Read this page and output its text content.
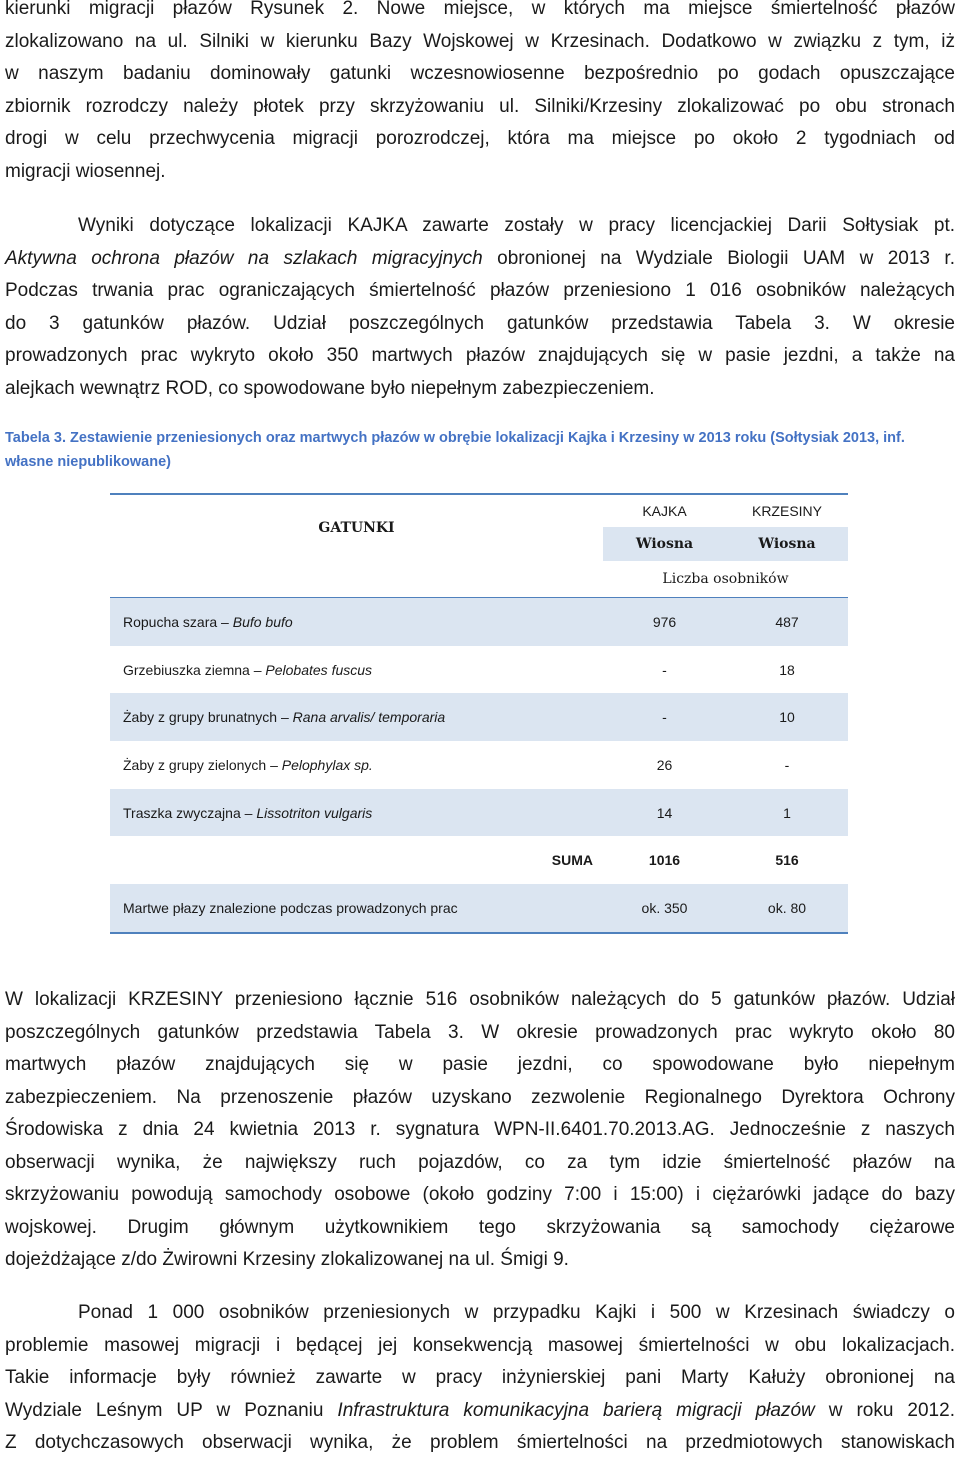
kierunki migracji płazów Rysunek 2. Nowe miejsce, w których ma miejsce śmiertelność płazów
zlokalizowano na ul. Silniki w kierunku Bazy Wojskowej w Krzesinach. Dodatkowo w związku z tym, iż
w naszym badaniu dominowały gatunki wczesnowiosenne bezpośrednio po godach opuszczające
zbiornik rozrodczy należy płotek przy skrzyżowaniu ul. Silniki/Krzesiny zlokalizować po obu stronach
drogi w celu przechwycenia migracji porozrodczej, która ma miejsce po około 2 tygodniach od
migracji wiosennej.
Wyniki dotyczące lokalizacji KAJKA zawarte zostały w pracy licencjackiej Darii Sołtysiak pt.
Aktywna ochrona płazów na szlakach migracyjnych obronionej na Wydziale Biologii UAM w 2013 r.
Podczas trwania prac ograniczających śmiertelność płazów przeniesiono 1 016 osobników należących
do 3 gatunków płazów. Udział poszczególnych gatunków przedstawia Tabela 3. W okresie
prowadzonych prac wykryto około 350 martwych płazów znajdujących się w pasie jezdni, a także na
alejkach wewnątrz ROD, co spowodowane było niepełnym zabezpieczeniem.

Tabela 3. Zestawienie przeniesionych oraz martwych płazów w obrębie lokalizacji Kajka i Krzesiny w 2013 roku (Sołtysiak 2013, inf. własne niepublikowane)

GATUNKI	KAJKA	KRZESINY
	Wiosna	Wiosna
	Liczba osobników	
Ropucha szara – Bufo bufo	976	487
Grzebiuszka ziemna – Pelobates fuscus	-	18
Żaby z grupy brunatnych – Rana arvalis/ temporaria	-	10
Żaby z grupy zielonych – Pelophylax sp.	26	-
Traszka zwyczajna – Lissotriton vulgaris	14	1
SUMA	1016	516
Martwe płazy znalezione podczas prowadzonych prac	ok. 350	ok. 80
W lokalizacji KRZESINY przeniesiono łącznie 516 osobników należących do 5 gatunków płazów. Udział
poszczególnych gatunków przedstawia Tabela 3. W okresie prowadzonych prac wykryto około 80
martwych płazów znajdujących się w pasie jezdni, co spowodowane było niepełnym
zabezpieczeniem. Na przenoszenie płazów uzyskano zezwolenie Regionalnego Dyrektora Ochrony
Środowiska z dnia 24 kwietnia 2013 r. sygnatura WPN-II.6401.70.2013.AG. Jednocześnie z naszych
obserwacji wynika, że największy ruch pojazdów, co za tym idzie śmiertelność płazów na
skrzyżowaniu powodują samochody osobowe (około godziny 7:00 i 15:00) i ciężarówki jadące do bazy
wojskowej. Drugim głównym użytkownikiem tego skrzyżowania są samochody ciężarowe
dojeżdżające z/do Żwirowni Krzesiny zlokalizowanej na ul. Śmigi 9.
Ponad 1 000 osobników przeniesionych w przypadku Kajki i 500 w Krzesinach świadczy o
problemie masowej migracji i będącej jej konsekwencją masowej śmiertelności w obu lokalizacjach.
Takie informacje były również zawarte w pracy inżynierskiej pani Marty Kałuży obronionej na
Wydziale Leśnym UP w Poznaniu Infrastruktura komunikacyjna barierą migracji płazów w roku 2012.
Z dotychczasowych obserwacji wynika, że problem śmiertelności na przedmiotowych stanowiskach
